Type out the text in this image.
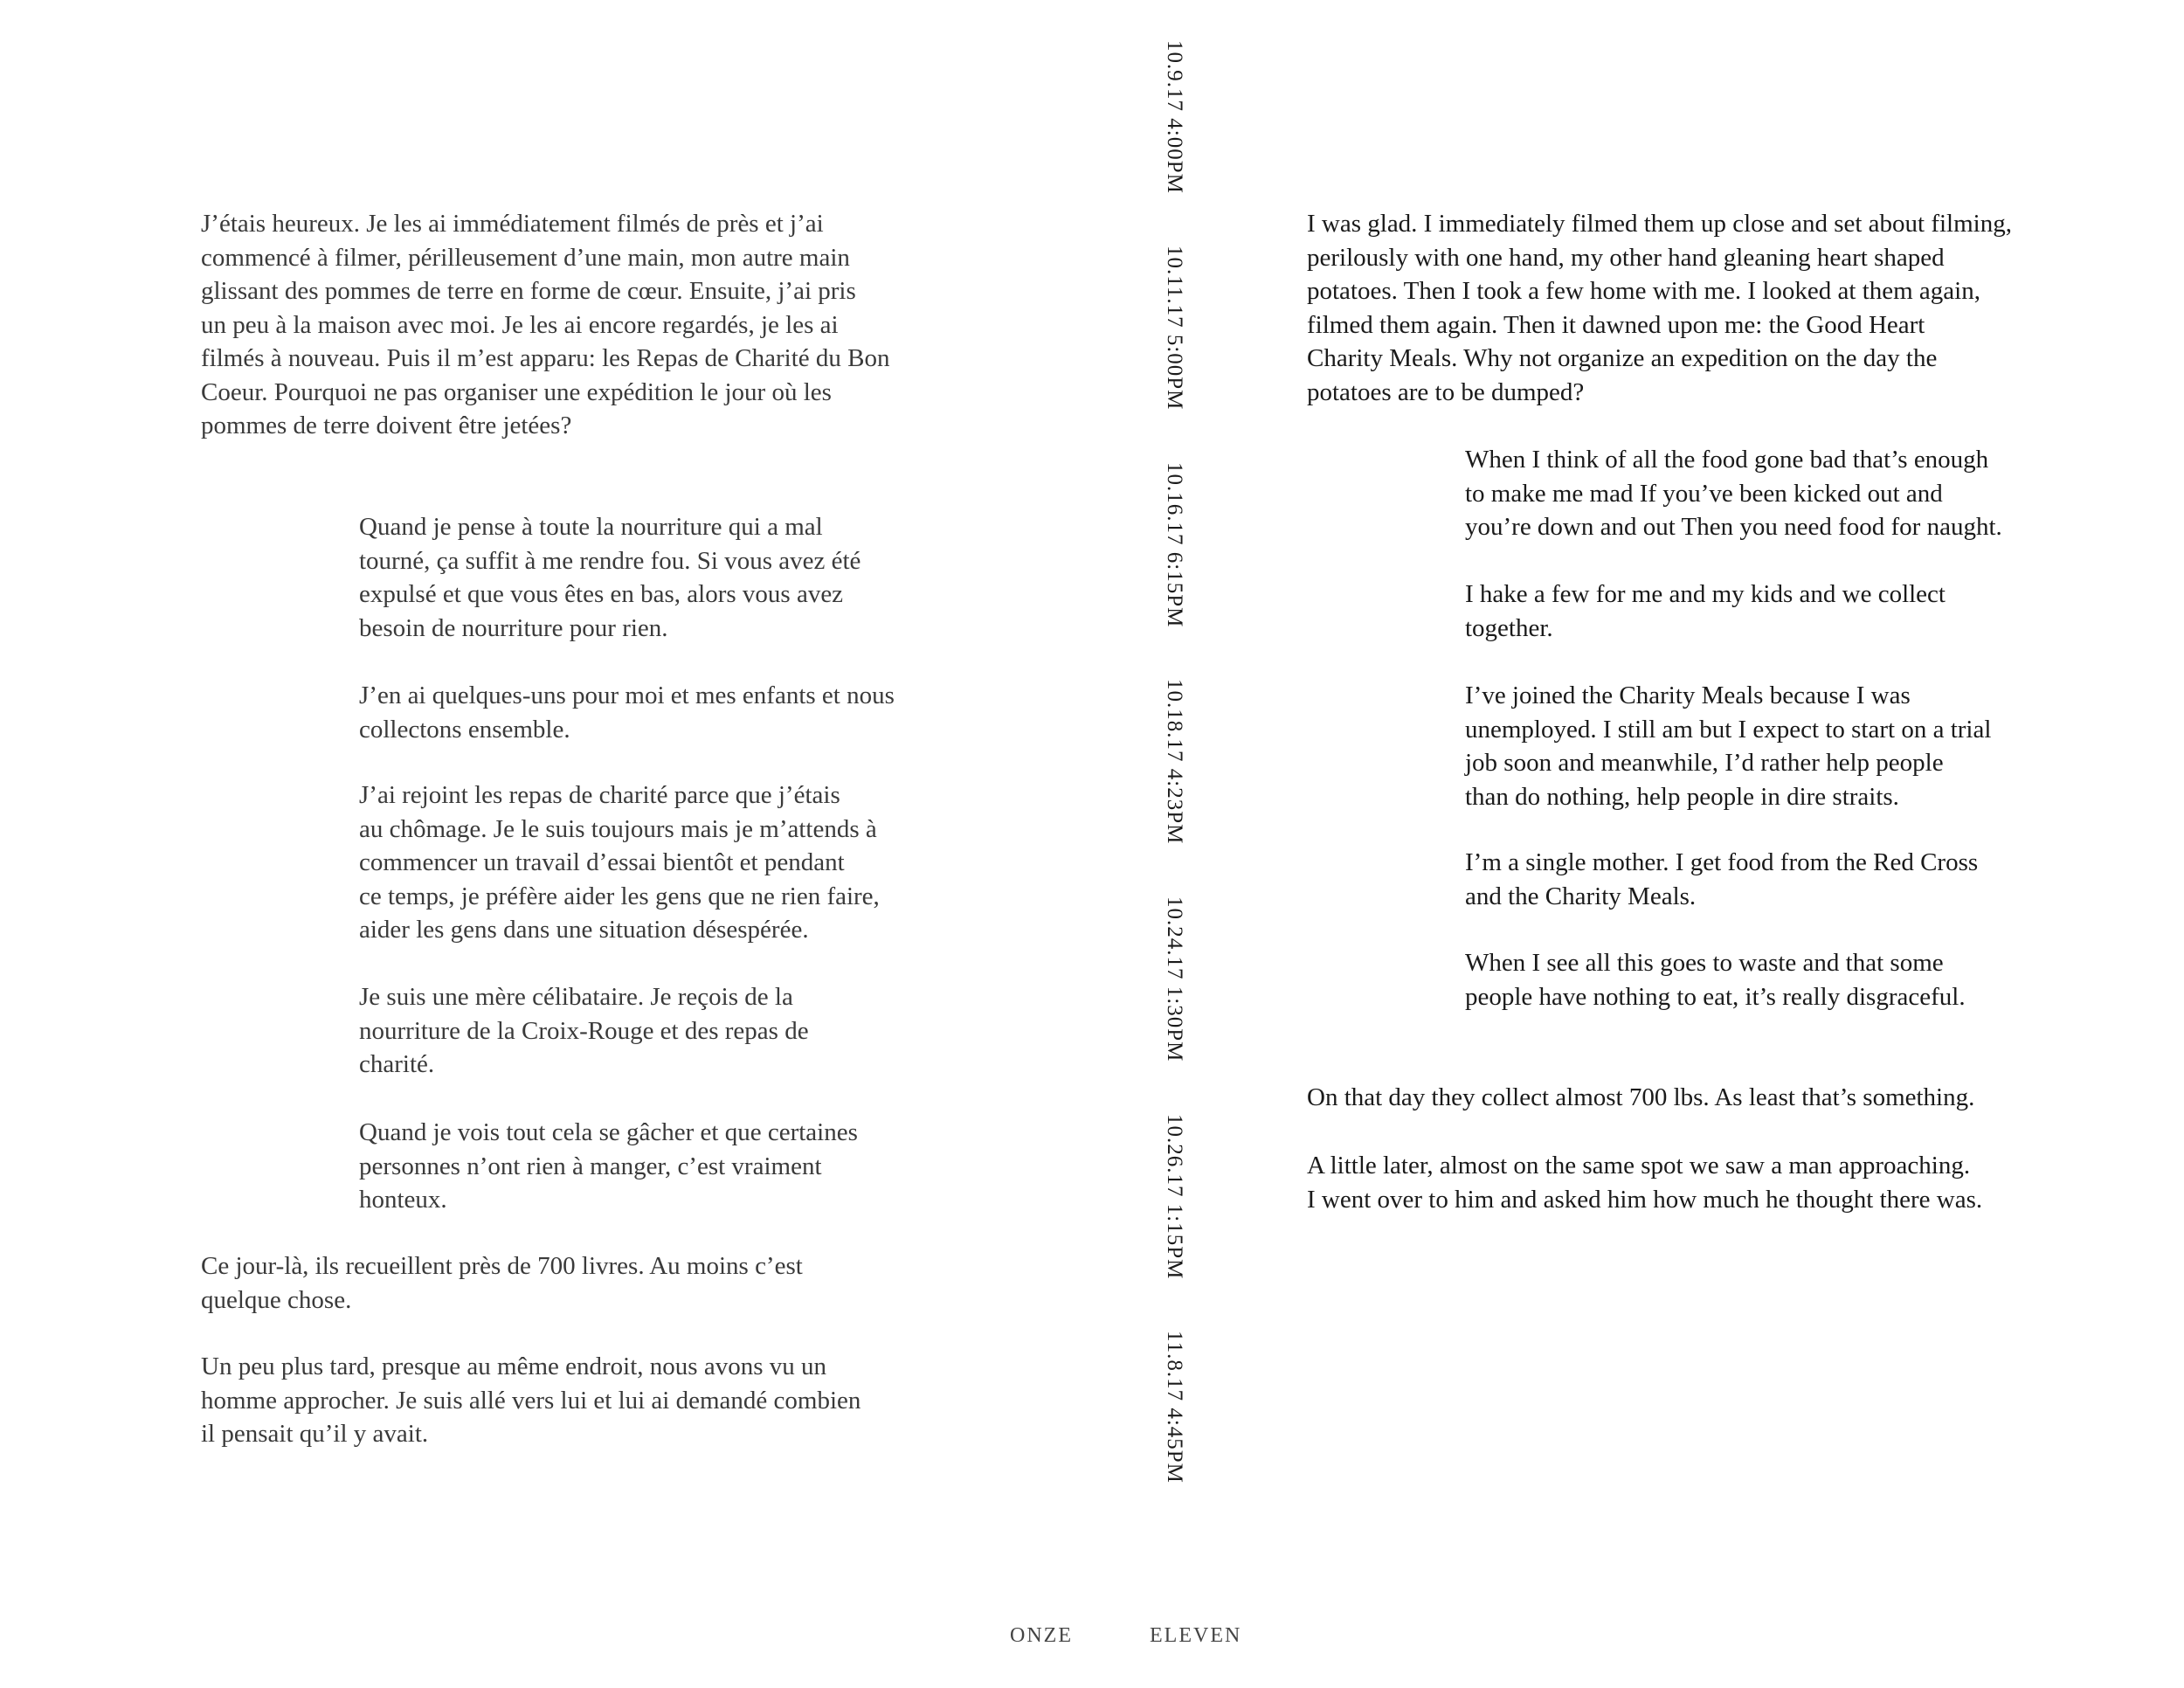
J’étais heureux. Je les ai immédiatement filmés de près et j’ai
commencé à filmer, périlleusement d’une main, mon autre main
glissant des pommes de terre en forme de cœur. Ensuite, j’ai pris
un peu à la maison avec moi. Je les ai encore regardés, je les ai
filmés à nouveau. Puis il m’est apparu: les Repas de Charité du Bon
Coeur. Pourquoi ne pas organiser une expédition le jour où les
pommes de terre doivent être jetées?
Quand je pense à toute la nourriture qui a mal
tourné, ça suffit à me rendre fou. Si vous avez été
expulsé et que vous êtes en bas, alors vous avez
besoin de nourriture pour rien.
J’en ai quelques-uns pour moi et mes enfants et nous
collectons ensemble.
J’ai rejoint les repas de charité parce que j’étais
au chômage. Je le suis toujours mais je m’attends à
commencer un travail d’essai bientôt et pendant
ce temps, je préfère aider les gens que ne rien faire,
aider les gens dans une situation désespérée.
Je suis une mère célibataire. Je reçois de la
nourriture de la Croix-Rouge et des repas de
charité.
Quand je vois tout cela se gâcher et que certaines
personnes n’ont rien à manger, c’est vraiment
honteux.
Ce jour-là, ils recueillent près de 700 livres. Au moins c’est
quelque chose.
Un peu plus tard, presque au même endroit, nous avons vu un
homme approcher. Je suis allé vers lui et lui ai demandé combien
il pensait qu’il y avait.
10.9.17 4:00PM 10.11.17 5:00PM 10.16.17 6:15PM 10.18.17 4:23PM 10.24.17 1:30PM 10.26.17 1:15PM 11.8.17 4:45PM
I was glad. I immediately filmed them up close and set about filming,
perilously with one hand, my other hand gleaning heart shaped
potatoes. Then I took a few home with me. I looked at them again,
filmed them again. Then it dawned upon me: the Good Heart
Charity Meals. Why not organize an expedition on the day the
potatoes are to be dumped?
When I think of all the food gone bad that’s enough
to make me mad If you’ve been kicked out and
you’re down and out Then you need food for naught.
I hake a few for me and my kids and we collect
together.
I’ve joined the Charity Meals because I was
unemployed. I still am but I expect to start on a trial
job soon and meanwhile, I’d rather help people
than do nothing, help people in dire straits.
I’m a single mother. I get food from the Red Cross
and the Charity Meals.
When I see all this goes to waste and that some
people have nothing to eat, it’s really disgraceful.
On that day they collect almost 700 lbs. As least that’s something.
A little later, almost on the same spot we saw a man approaching.
I went over to him and asked him how much he thought there was.

ONZE	ELEVEN
